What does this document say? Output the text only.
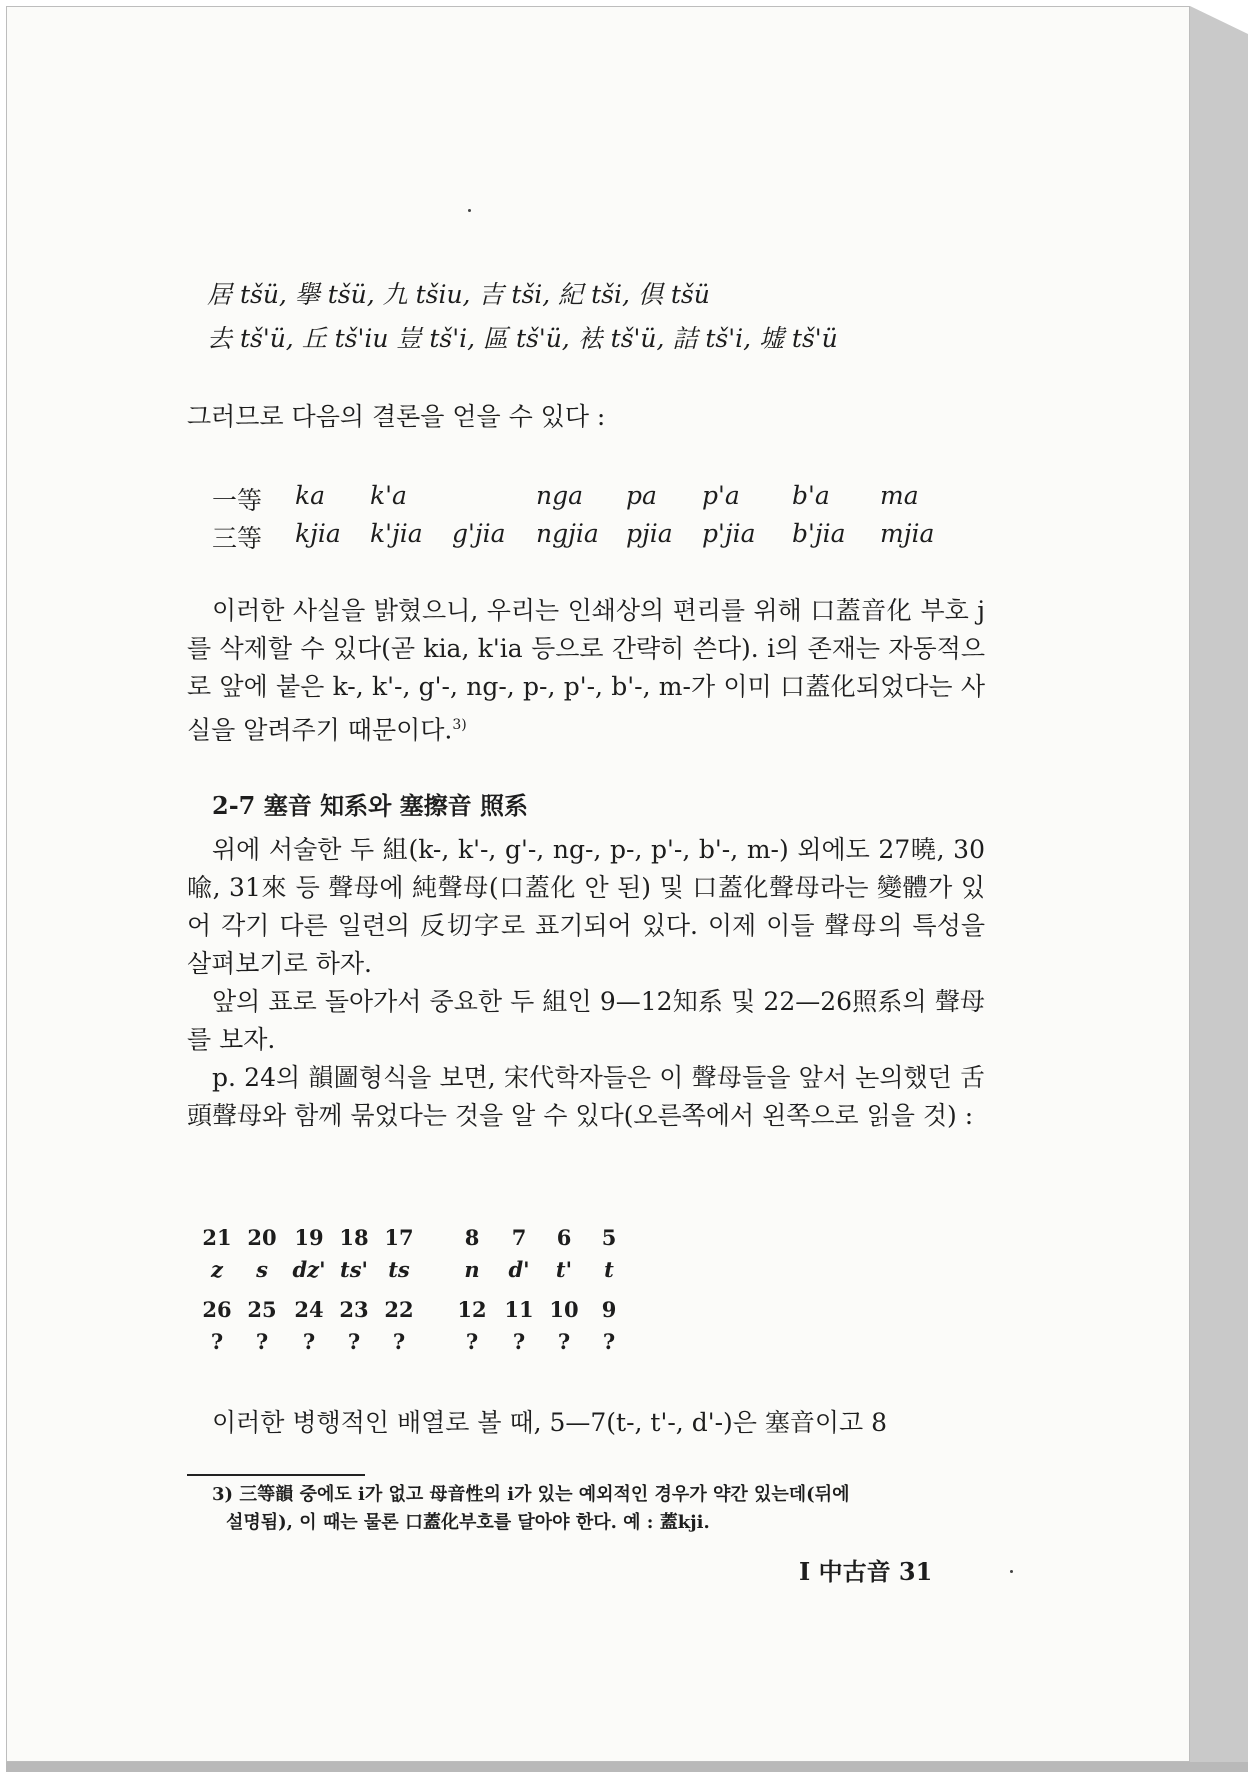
居 tšü, 擧 tšü, 九 tšiu, 吉 tši, 紀 tši, 倶 tšü
去 tš'ü, 丘 tš'iu 豈 tš'i, 區 tš'ü, 袪 tš'ü, 詰 tš'i, 墟 tš'ü
그러므로 다음의 결론을 얻을 수 있다 :
一等 ka k'a	nga pa p'a b'a ma
三等 kjia k'jia g'jia ngjia pjia p'jia b'jia mjia

이러한 사실을 밝혔으니, 우리는 인쇄상의 편리를 위해 口蓋音化 부호 j를 삭제할 수 있다(곧 kia, k'ia 등으로 간략히 쓴다). i의 존재는 자동적으로 앞에 붙은 k-, k'-, g'-, ng-, p-, p'-, b'-, m-가 이미 口蓋化되었다는 사실을 알려주기 때문이다.$^{3)}$

2-7 塞音 知系와 塞擦音 照系

위에 서술한 두 組(k-, k'-, g'-, ng-, p-, p'-, b'-, m-) 외에도 27曉, 30喩, 31來 등 聲母에 純聲母(口蓋化 안 된) 및 口蓋化聲母라는 變體가 있어 각기 다른 일련의 反切字로 표기되어 있다. 이제 이들 聲母의 특성을 살펴보기로 하자.

앞의 표로 돌아가서 중요한 두 組인 9—12知系 및 22—26照系의 聲母를 보자.

p. 24의 韻圖형식을 보면, 宋代학자들은 이 聲母들을 앞서 논의했던 舌頭聲母와 함께 묶었다는 것을 알 수 있다(오른쪽에서 왼쪽으로 읽을 것) :

21 20 19 18 17	8	7	6	5
z	s	dz' ts' ts	n	d'	t'	t
26 25 24 23 22 12 11 10	9
?	?	?	?	?	?	?	?	?
이러한 병행적인 배열로 볼 때, 5—7(t-, t'-, d'-)은 塞音이고 8
3) 三等韻 중에도 i가 없고 母音性의 i가 있는 예외적인 경우가 약간 있는데(뒤에
설명됨), 이 때는 물론 口蓋化부호를 달아야 한다. 예 : 蓋kji.
I 中古音 31
